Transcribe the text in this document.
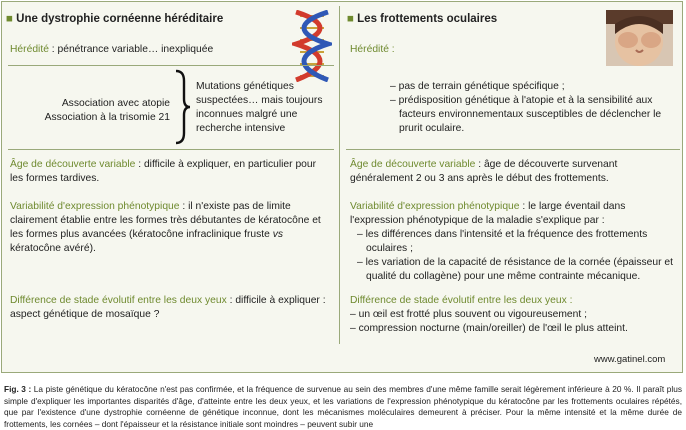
■ Une dystrophie cornéenne héréditaire
Hérédité : pénétrance variable… inexpliquée
Association avec atopie
Association à la trisomie 21
Mutations génétiques suspectées… mais toujours inconnues malgré une recherche intensive
Âge de découverte variable : difficile à expliquer, en particulier pour les formes tardives.
Variabilité d'expression phénotypique : il n'existe pas de limite clairement établie entre les formes très débutantes de kératocône et les formes plus avancées (kératocône infraclinique fruste vs kératocône avéré).
Différence de stade évolutif entre les deux yeux : difficile à expliquer : aspect génétique de mosaïque ?
■ Les frottements oculaires
Hérédité :
– pas de terrain génétique spécifique ;
– prédisposition génétique à l'atopie et à la sensibilité aux facteurs environnementaux susceptibles de déclencher le prurit oculaire.
Âge de découverte variable : âge de découverte survenant généralement 2 ou 3 ans après le début des frottements.
Variabilité d'expression phénotypique : le large éventail dans l'expression phénotypique de la maladie s'explique par :
– les différences dans l'intensité et la fréquence des frottements oculaires ;
– les variation de la capacité de résistance de la cornée (épaisseur et qualité du collagène) pour une même contrainte mécanique.
Différence de stade évolutif entre les deux yeux :
– un œil est frotté plus souvent ou vigoureusement ;
– compression nocturne (main/oreiller) de l'œil le plus atteint.
www.gatinel.com
Fig. 3 : La piste génétique du kératocône n'est pas confirmée, et la fréquence de survenue au sein des membres d'une même famille serait légèrement inférieure à 20 %. Il paraît plus simple d'expliquer les importantes disparités d'âge, d'atteinte entre les deux yeux, et les variations de l'expression phénotypique du kératocône par les frottements oculaires répétés, que par l'existence d'une dystrophie cornéenne de génétique inconnue, dont les mécanismes moléculaires demeurent à préciser. Pour la même intensité et la même durée de frottements, les cornées – dont l'épaisseur et la résistance initiale sont moindres – peuvent subir une
